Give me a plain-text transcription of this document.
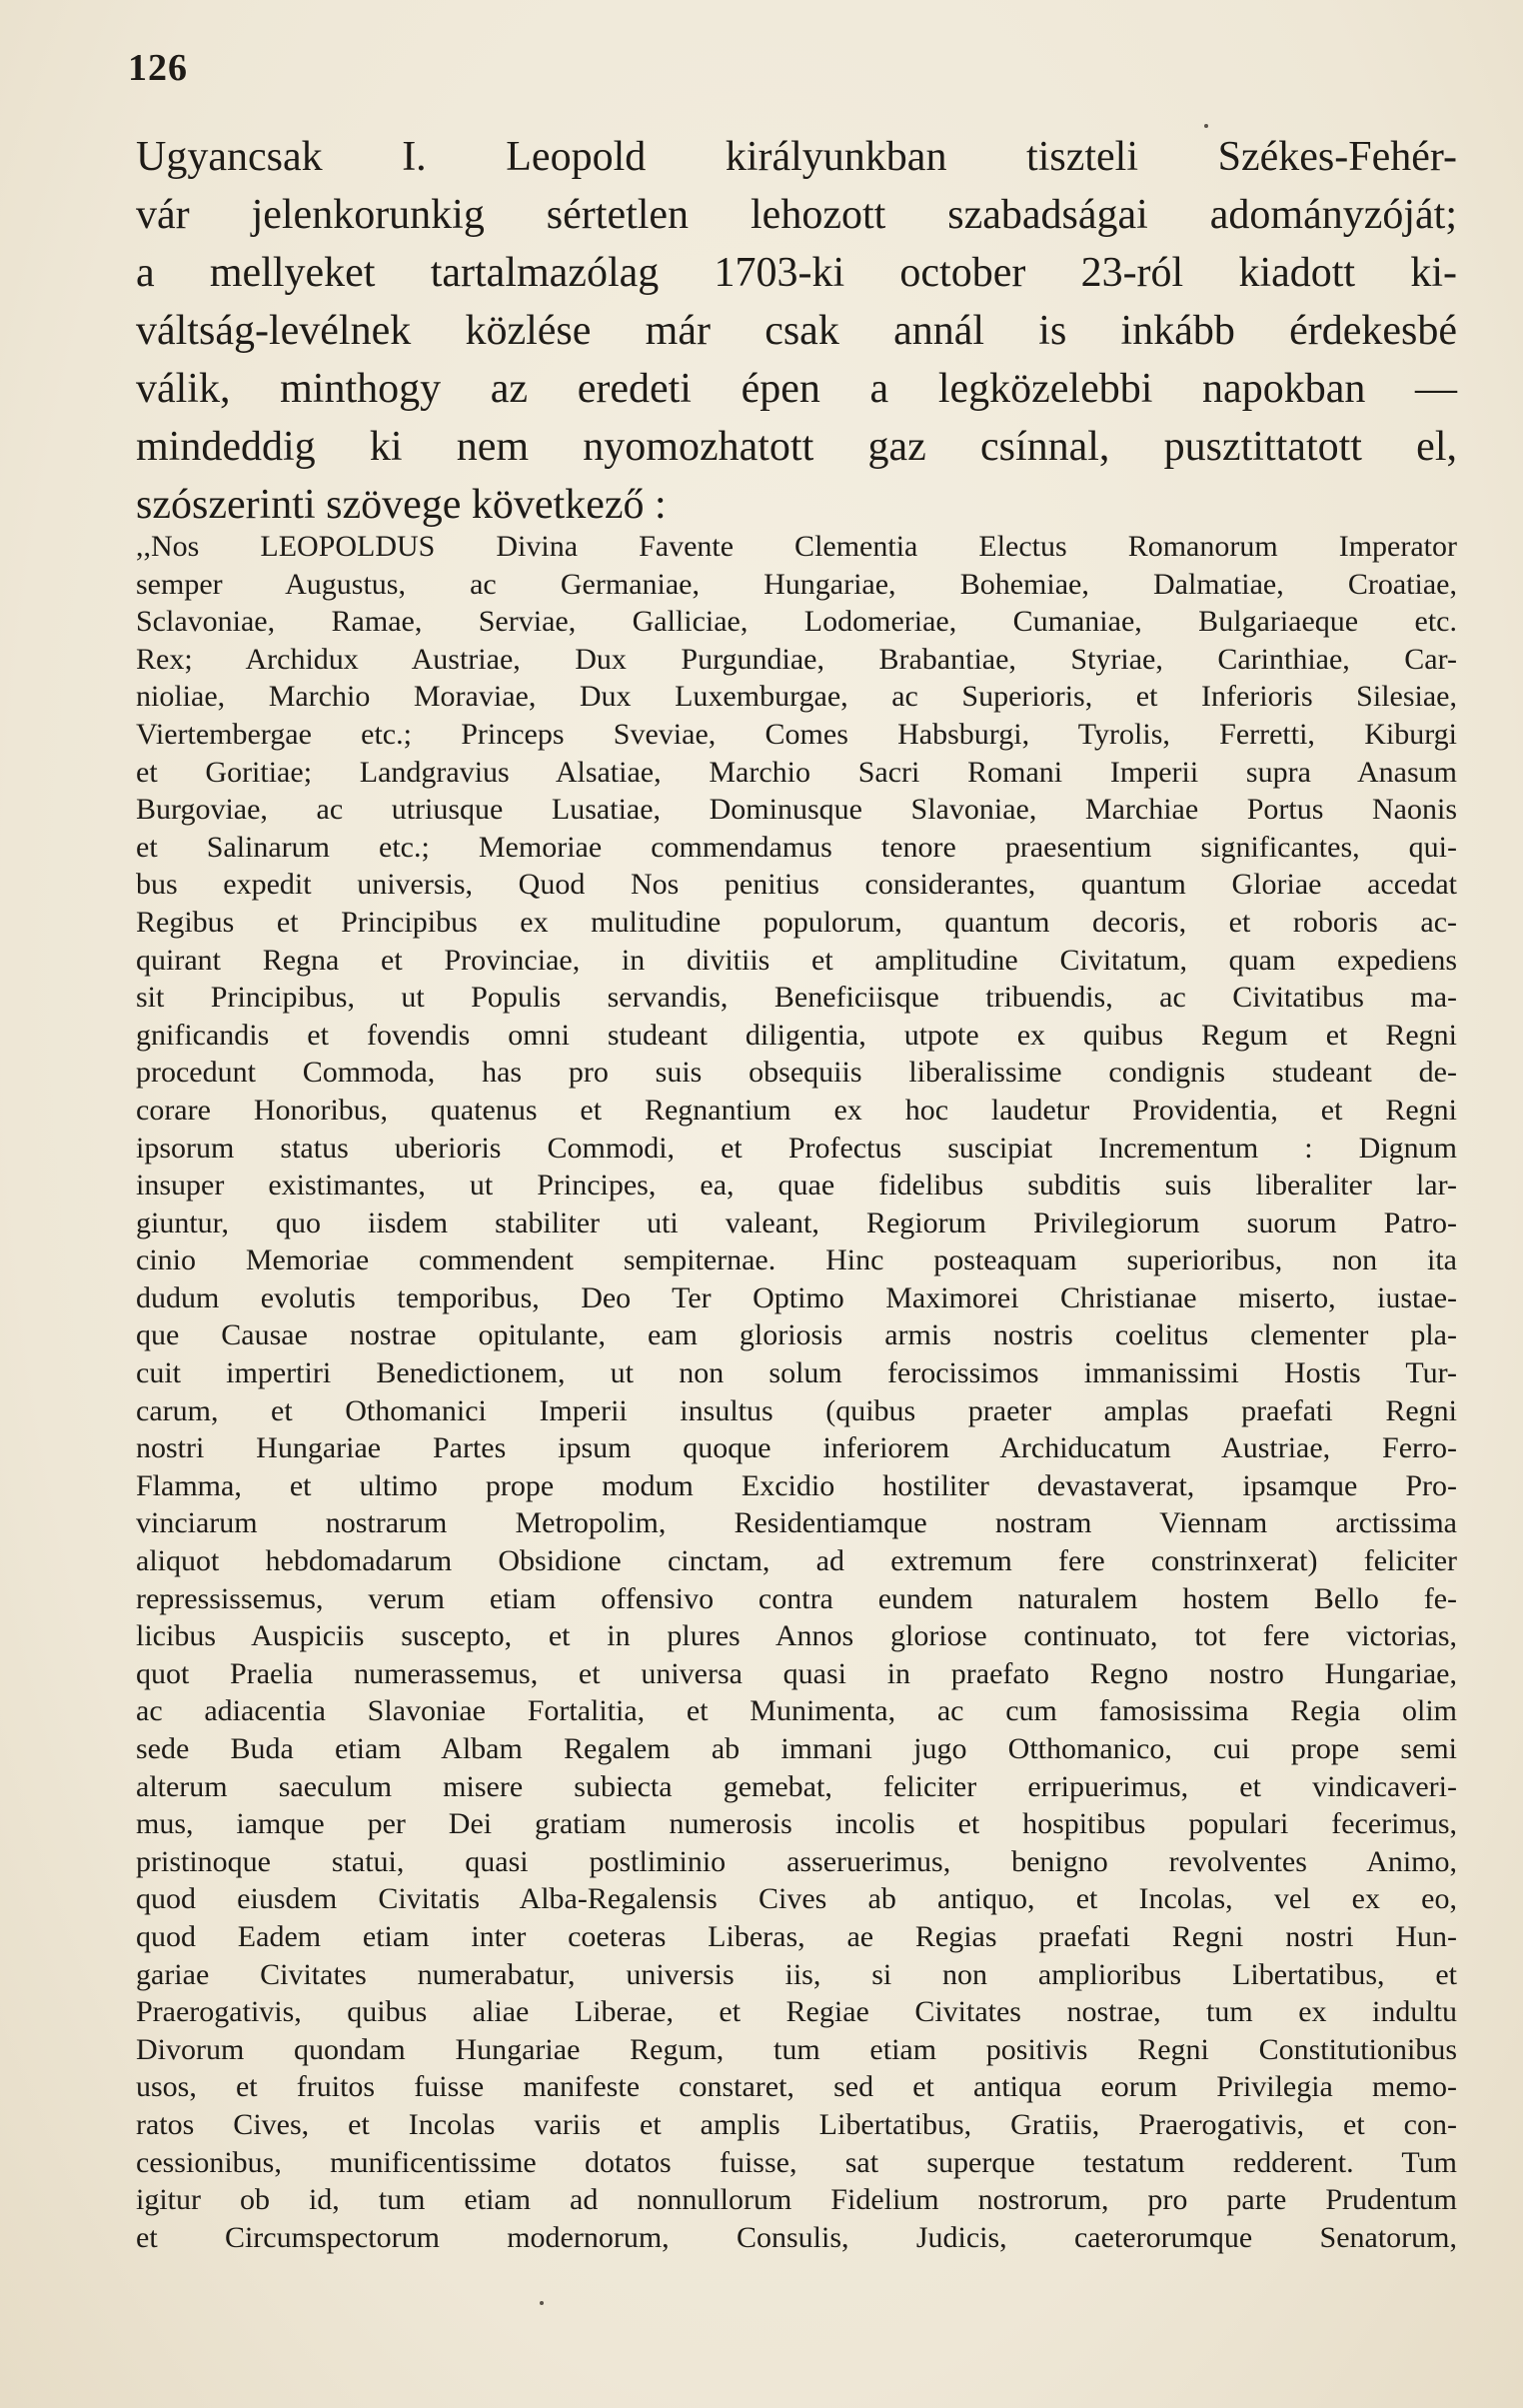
126
Ugyancsak I. Leopold királyunkban tiszteli Székes-Fehér-
vár jelenkorunkig sértetlen lehozott szabadságai adományzóját;
a mellyeket tartalmazólag 1703-ki october 23-ról kiadott ki-
váltság-levélnek közlése már csak annál is inkább érdekesbé
válik, minthogy az eredeti épen a legközelebbi napokban —
mindeddig ki nem nyomozhatott gaz csínnal, pusztittatott el,
szószerinti szövege következő :
,,Nos LEOPOLDUS Divina Favente Clementia Electus Romanorum Imperator
semper Augustus, ac Germaniae, Hungariae, Bohemiae, Dalmatiae, Croatiae,
Sclavoniae, Ramae, Serviae, Galliciae, Lodomeriae, Cumaniae, Bulgariaeque etc.
Rex; Archidux Austriae, Dux Purgundiae, Brabantiae, Styriae, Carinthiae, Car-
nioliae, Marchio Moraviae, Dux Luxemburgae, ac Superioris, et Inferioris Silesiae,
Viertembergae etc.; Princeps Sveviae, Comes Habsburgi, Tyrolis, Ferretti, Kiburgi
et Goritiae; Landgravius Alsatiae, Marchio Sacri Romani Imperii supra Anasum
Burgoviae, ac utriusque Lusatiae, Dominusque Slavoniae, Marchiae Portus Naonis
et Salinarum etc.; Memoriae commendamus tenore praesentium significantes, qui-
bus expedit universis, Quod Nos penitius considerantes, quantum Gloriae accedat
Regibus et Principibus ex mulitudine populorum, quantum decoris, et roboris ac-
quirant Regna et Provinciae, in divitiis et amplitudine Civitatum, quam expediens
sit Principibus, ut Populis servandis, Beneficiisque tribuendis, ac Civitatibus ma-
gnificandis et fovendis omni studeant diligentia, utpote ex quibus Regum et Regni
procedunt Commoda, has pro suis obsequiis liberalissime condignis studeant de-
corare Honoribus, quatenus et Regnantium ex hoc laudetur Providentia, et Regni
ipsorum status uberioris Commodi, et Profectus suscipiat Incrementum : Dignum
insuper existimantes, ut Principes, ea, quae fidelibus subditis suis liberaliter lar-
giuntur, quo iisdem stabiliter uti valeant, Regiorum Privilegiorum suorum Patro-
cinio Memoriae commendent sempiternae. Hinc posteaquam superioribus, non ita
dudum evolutis temporibus, Deo Ter Optimo Maximorei Christianae miserto, iustae-
que Causae nostrae opitulante, eam gloriosis armis nostris coelitus clementer pla-
cuit impertiri Benedictionem, ut non solum ferocissimos immanissimi Hostis Tur-
carum, et Othomanici Imperii insultus (quibus praeter amplas praefati Regni
nostri Hungariae Partes ipsum quoque inferiorem Archiducatum Austriae, Ferro-
Flamma, et ultimo prope modum Excidio hostiliter devastaverat, ipsamque Pro-
vinciarum nostrarum Metropolim, Residentiamque nostram Viennam arctissima
aliquot hebdomadarum Obsidione cinctam, ad extremum fere constrinxerat) feliciter
repressissemus, verum etiam offensivo contra eundem naturalem hostem Bello fe-
licibus Auspiciis suscepto, et in plures Annos gloriose continuato, tot fere victorias,
quot Praelia numerassemus, et universa quasi in praefato Regno nostro Hungariae,
ac adiacentia Slavoniae Fortalitia, et Munimenta, ac cum famosissima Regia olim
sede Buda etiam Albam Regalem ab immani jugo Otthomanico, cui prope semi
alterum saeculum misere subiecta gemebat, feliciter erripuerimus, et vindicaveri-
mus, iamque per Dei gratiam numerosis incolis et hospitibus populari fecerimus,
pristinoque statui, quasi postliminio asseruerimus, benigno revolventes Animo,
quod eiusdem Civitatis Alba-Regalensis Cives ab antiquo, et Incolas, vel ex eo,
quod Eadem etiam inter coeteras Liberas, ae Regias praefati Regni nostri Hun-
gariae Civitates numerabatur, universis iis, si non amplioribus Libertatibus, et
Praerogativis, quibus aliae Liberae, et Regiae Civitates nostrae, tum ex indultu
Divorum quondam Hungariae Regum, tum etiam positivis Regni Constitutionibus
usos, et fruitos fuisse manifeste constaret, sed et antiqua eorum Privilegia memo-
ratos Cives, et Incolas variis et amplis Libertatibus, Gratiis, Praerogativis, et con-
cessionibus, munificentissime dotatos fuisse, sat superque testatum redderent. Tum
igitur ob id, tum etiam ad nonnullorum Fidelium nostrorum, pro parte Prudentum
et Circumspectorum modernorum, Consulis, Judicis, caeterorumque Senatorum,
